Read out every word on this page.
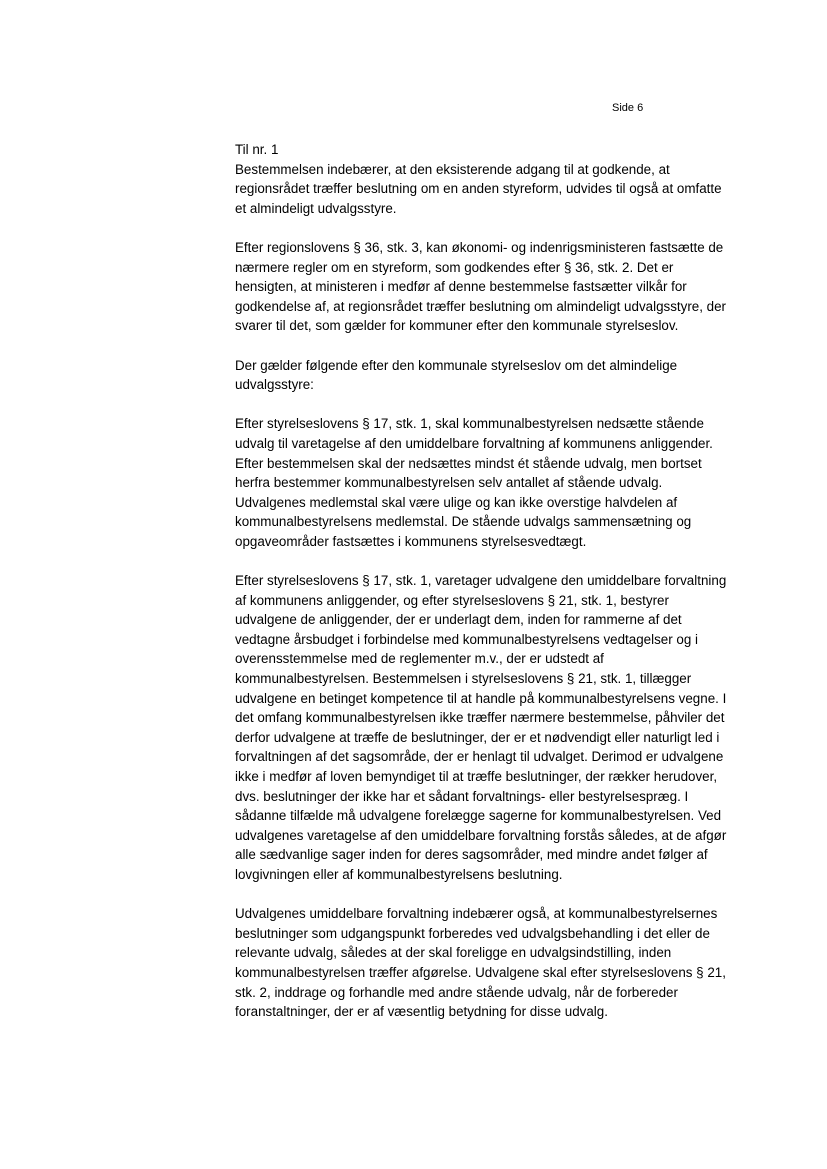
Side 6
Til nr. 1
Bestemmelsen indebærer, at den eksisterende adgang til at godkende, at
regionsrådet træffer beslutning om en anden styreform, udvides til også at omfatte
et almindeligt udvalgsstyre.
Efter regionslovens § 36, stk. 3, kan økonomi- og indenrigsministeren fastsætte de
nærmere regler om en styreform, som godkendes efter § 36, stk. 2. Det er
hensigten, at ministeren i medfør af denne bestemmelse fastsætter vilkår for
godkendelse af, at regionsrådet træffer beslutning om almindeligt udvalgsstyre, der
svarer til det, som gælder for kommuner efter den kommunale styrelseslov.
Der gælder følgende efter den kommunale styrelseslov om det almindelige
udvalgsstyre:
Efter styrelseslovens § 17, stk. 1, skal kommunalbestyrelsen nedsætte stående
udvalg til varetagelse af den umiddelbare forvaltning af kommunens anliggender.
Efter bestemmelsen skal der nedsættes mindst ét stående udvalg, men bortset
herfra bestemmer kommunalbestyrelsen selv antallet af stående udvalg.
Udvalgenes medlemstal skal være ulige og kan ikke overstige halvdelen af
kommunalbestyrelsens medlemstal. De stående udvalgs sammensætning og
opgaveområder fastsættes i kommunens styrelsesvedtægt.
Efter styrelseslovens § 17, stk. 1, varetager udvalgene den umiddelbare forvaltning
af kommunens anliggender, og efter styrelseslovens § 21, stk. 1, bestyrer
udvalgene de anliggender, der er underlagt dem, inden for rammerne af det
vedtagne årsbudget i forbindelse med kommunalbestyrelsens vedtagelser og i
overensstemmelse med de reglementer m.v., der er udstedt af
kommunalbestyrelsen. Bestemmelsen i styrelseslovens § 21, stk. 1, tillægger
udvalgene en betinget kompetence til at handle på kommunalbestyrelsens vegne. I
det omfang kommunalbestyrelsen ikke træffer nærmere bestemmelse, påhviler det
derfor udvalgene at træffe de beslutninger, der er et nødvendigt eller naturligt led i
forvaltningen af det sagsområde, der er henlagt til udvalget. Derimod er udvalgene
ikke i medfør af loven bemyndiget til at træffe beslutninger, der rækker herudover,
dvs. beslutninger der ikke har et sådant forvaltnings- eller bestyrelsespræg. I
sådanne tilfælde må udvalgene forelægge sagerne for kommunalbestyrelsen. Ved
udvalgenes varetagelse af den umiddelbare forvaltning forstås således, at de afgør
alle sædvanlige sager inden for deres sagsområder, med mindre andet følger af
lovgivningen eller af kommunalbestyrelsens beslutning.
Udvalgenes umiddelbare forvaltning indebærer også, at kommunalbestyrelsernes
beslutninger som udgangspunkt forberedes ved udvalgsbehandling i det eller de
relevante udvalg, således at der skal foreligge en udvalgsindstilling, inden
kommunalbestyrelsen træffer afgørelse. Udvalgene skal efter styrelseslovens § 21,
stk. 2, inddrage og forhandle med andre stående udvalg, når de forbereder
foranstaltninger, der er af væsentlig betydning for disse udvalg.
